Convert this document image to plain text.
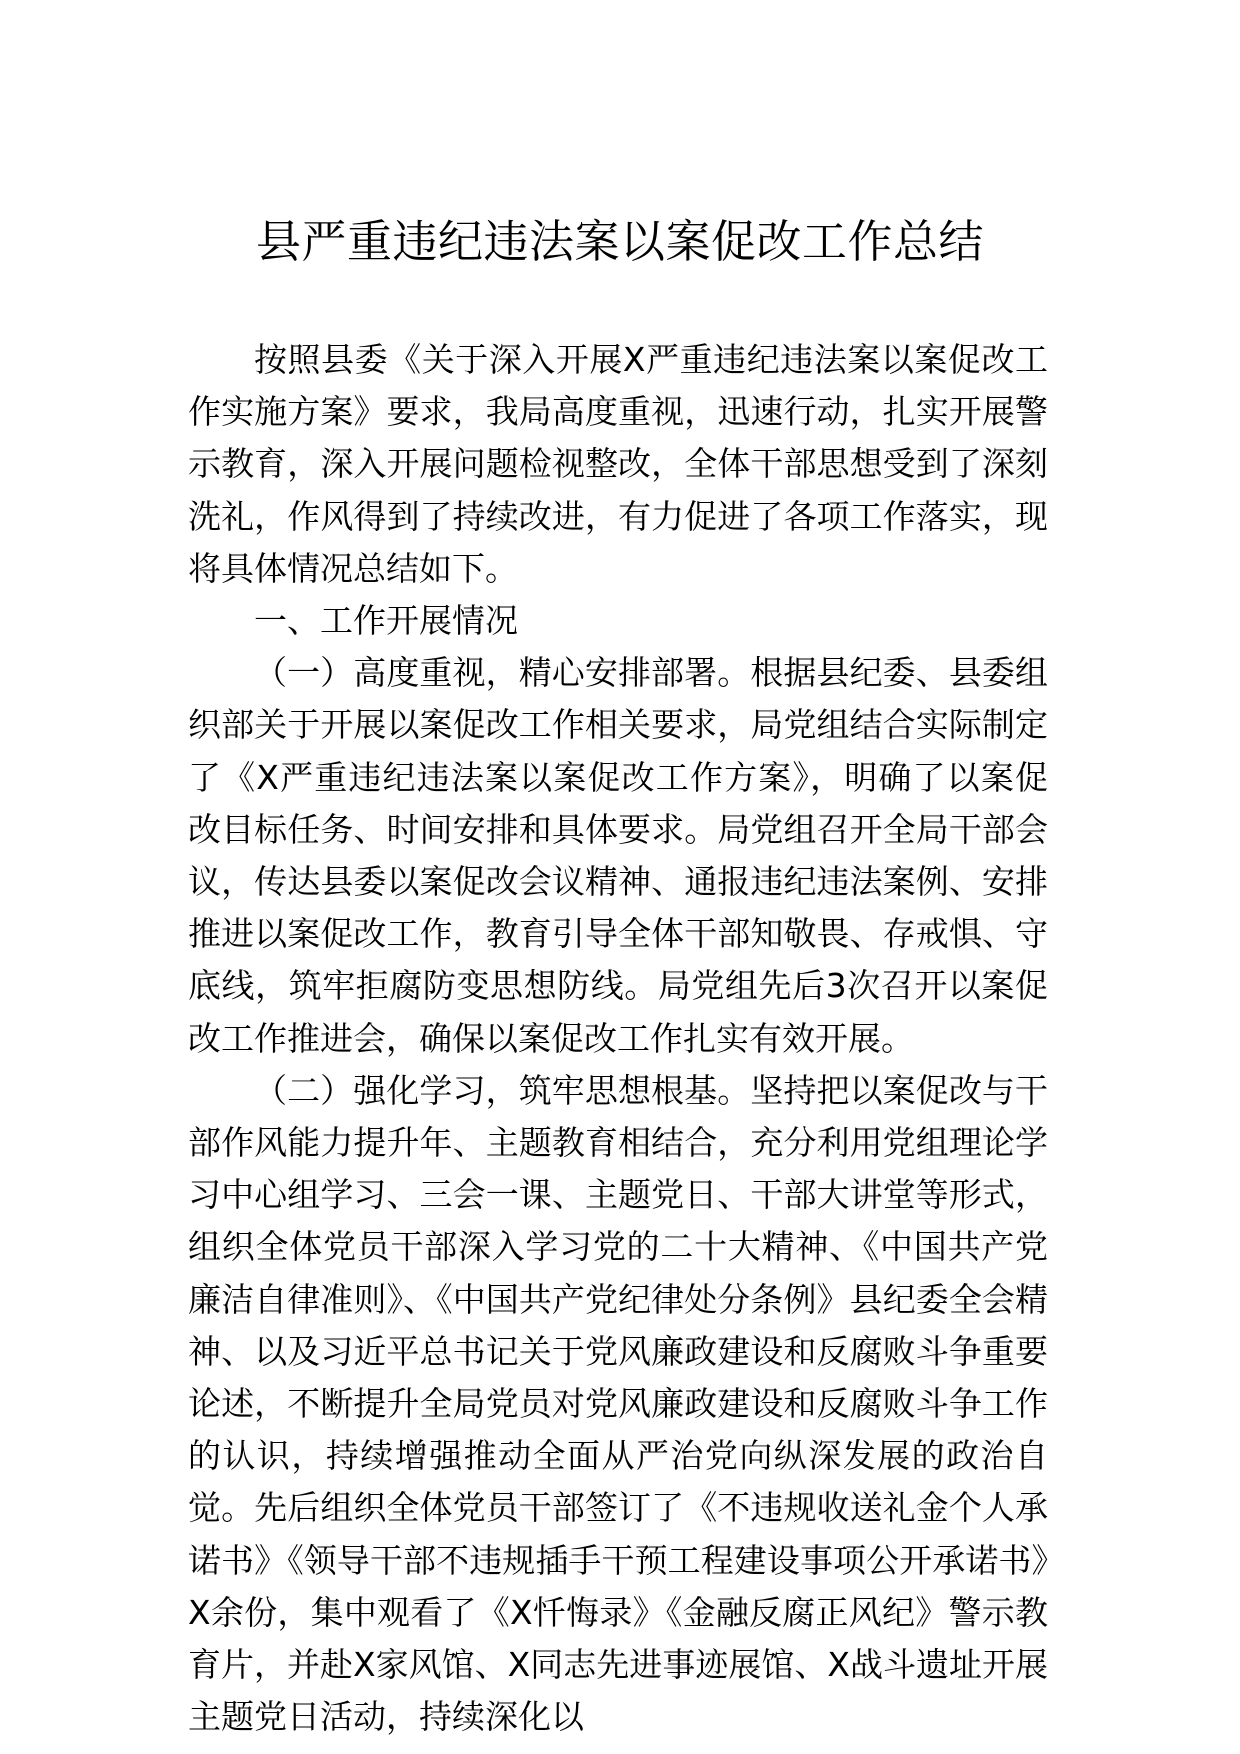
县严重违纪违法案以案促改工作总结

按照县委《关于深入开展X严重违纪违法案以案促改工作实施方案》要求，我局高度重视，迅速行动，扎实开展警示教育，深入开展问题检视整改，全体干部思想受到了深刻洗礼，作风得到了持续改进，有力促进了各项工作落实，现将具体情况总结如下。

一、工作开展情况

（一）高度重视，精心安排部署。根据县纪委、县委组织部关于开展以案促改工作相关要求，局党组结合实际制定了《X严重违纪违法案以案促改工作方案》，明确了以案促改目标任务、时间安排和具体要求。局党组召开全局干部会议，传达县委以案促改会议精神、通报违纪违法案例、安排推进以案促改工作，教育引导全体干部知敬畏、存戒惧、守底线，筑牢拒腐防变思想防线。局党组先后3次召开以案促改工作推进会，确保以案促改工作扎实有效开展。

（二）强化学习，筑牢思想根基。坚持把以案促改与干部作风能力提升年、主题教育相结合，充分利用党组理论学习中心组学习、三会一课、主题党日、干部大讲堂等形式，组织全体党员干部深入学习党的二十大精神、《中国共产党廉洁自律准则》、《中国共产党纪律处分条例》县纪委全会精神、以及习近平总书记关于党风廉政建设和反腐败斗争重要论述，不断提升全局党员对党风廉政建设和反腐败斗争工作的认识，持续增强推动全面从严治党向纵深发展的政治自觉。先后组织全体党员干部签订了《不违规收送礼金个人承诺书》《领导干部不违规插手干预工程建设事项公开承诺书》X余份，集中观看了《X忏悔录》《金融反腐正风纪》警示教育片，并赴X家风馆、X同志先进事迹展馆、X战斗遗址开展主题党日活动，持续深化以
